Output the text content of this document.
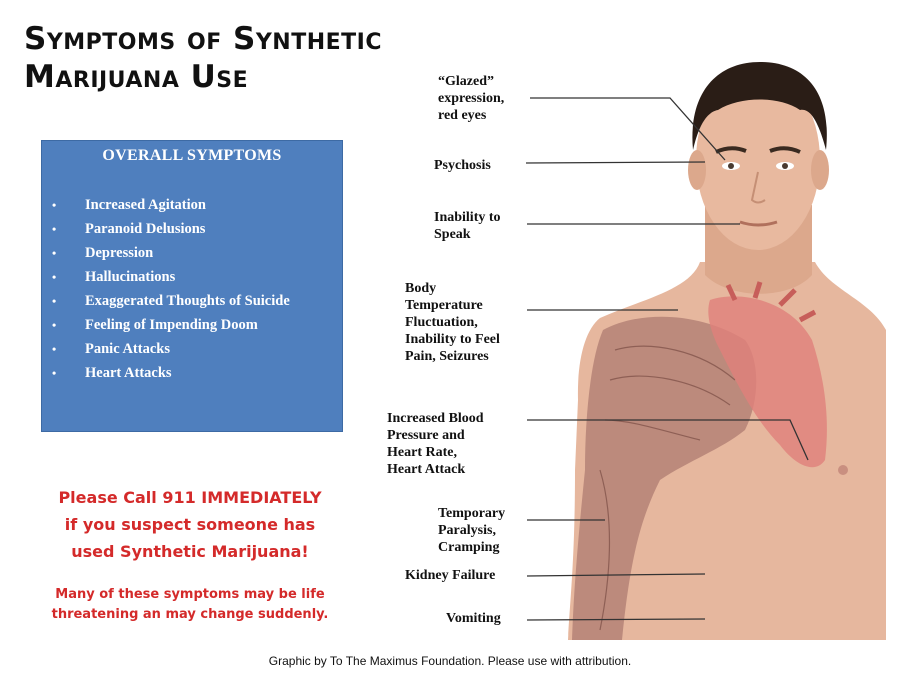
Symptoms of Synthetic
Marijuana Use
OVERALL SYMPTOMS
• Increased Agitation
• Paranoid Delusions
• Depression
• Hallucinations
• Exaggerated Thoughts of Suicide
• Feeling of Impending Doom
• Panic Attacks
• Heart Attacks
Please Call 911 IMMEDIATELY
if you suspect someone has
used Synthetic Marijuana!
Many of these symptoms may be life
threatening an may change suddenly.
“Glazed”
expression,
red eyes
Psychosis
Inability to
Speak
Body
Temperature
Fluctuation,
Inability to Feel
Pain, Seizures
Increased Blood
Pressure and
Heart Rate,
Heart Attack
Temporary
Paralysis,
Cramping
Kidney Failure
Vomiting
Graphic by To The Maximus Foundation. Please use with attribution.
